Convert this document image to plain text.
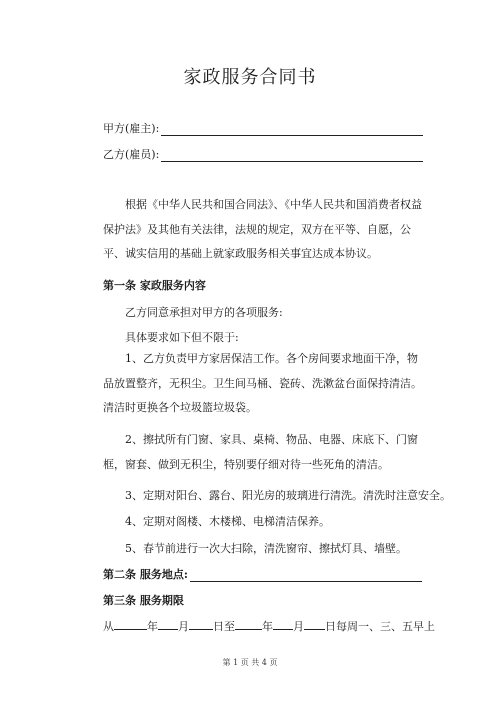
家政服务合同书
甲方(雇主):
乙方(雇员):
根据《中华人民共和国合同法》、《中华人民共和国消费者权益保护法》及其他有关法律，法规的规定，双方在平等、自愿，公平、诚实信用的基础上就家政服务相关事宜达成本协议。
第一条 家政服务内容
乙方同意承担对甲方的各项服务:
具体要求如下但不限于:
1、乙方负责甲方家居保洁工作。各个房间要求地面干净，物品放置整齐，无积尘。卫生间马桶、瓷砖、洗漱盆台面保持清洁。清洁时更换各个垃圾篮垃圾袋。
2、擦拭所有门窗、家具、桌椅、物品、电器、床底下、门窗框，窗套、做到无积尘，特别要仔细对待一些死角的清洁。
3、定期对阳台、露台、阳光房的玻璃进行清洗。清洗时注意安全。
4、定期对阁楼、木楼梯、电梯清洁保养。
5、春节前进行一次大扫除，清洗窗帘、擦拭灯具、墙壁。
第二条 服务地点:
第三条 服务期限
从	年 月 日至 年 月 日每周一、三、五早上
第 1 页 共 4 页
